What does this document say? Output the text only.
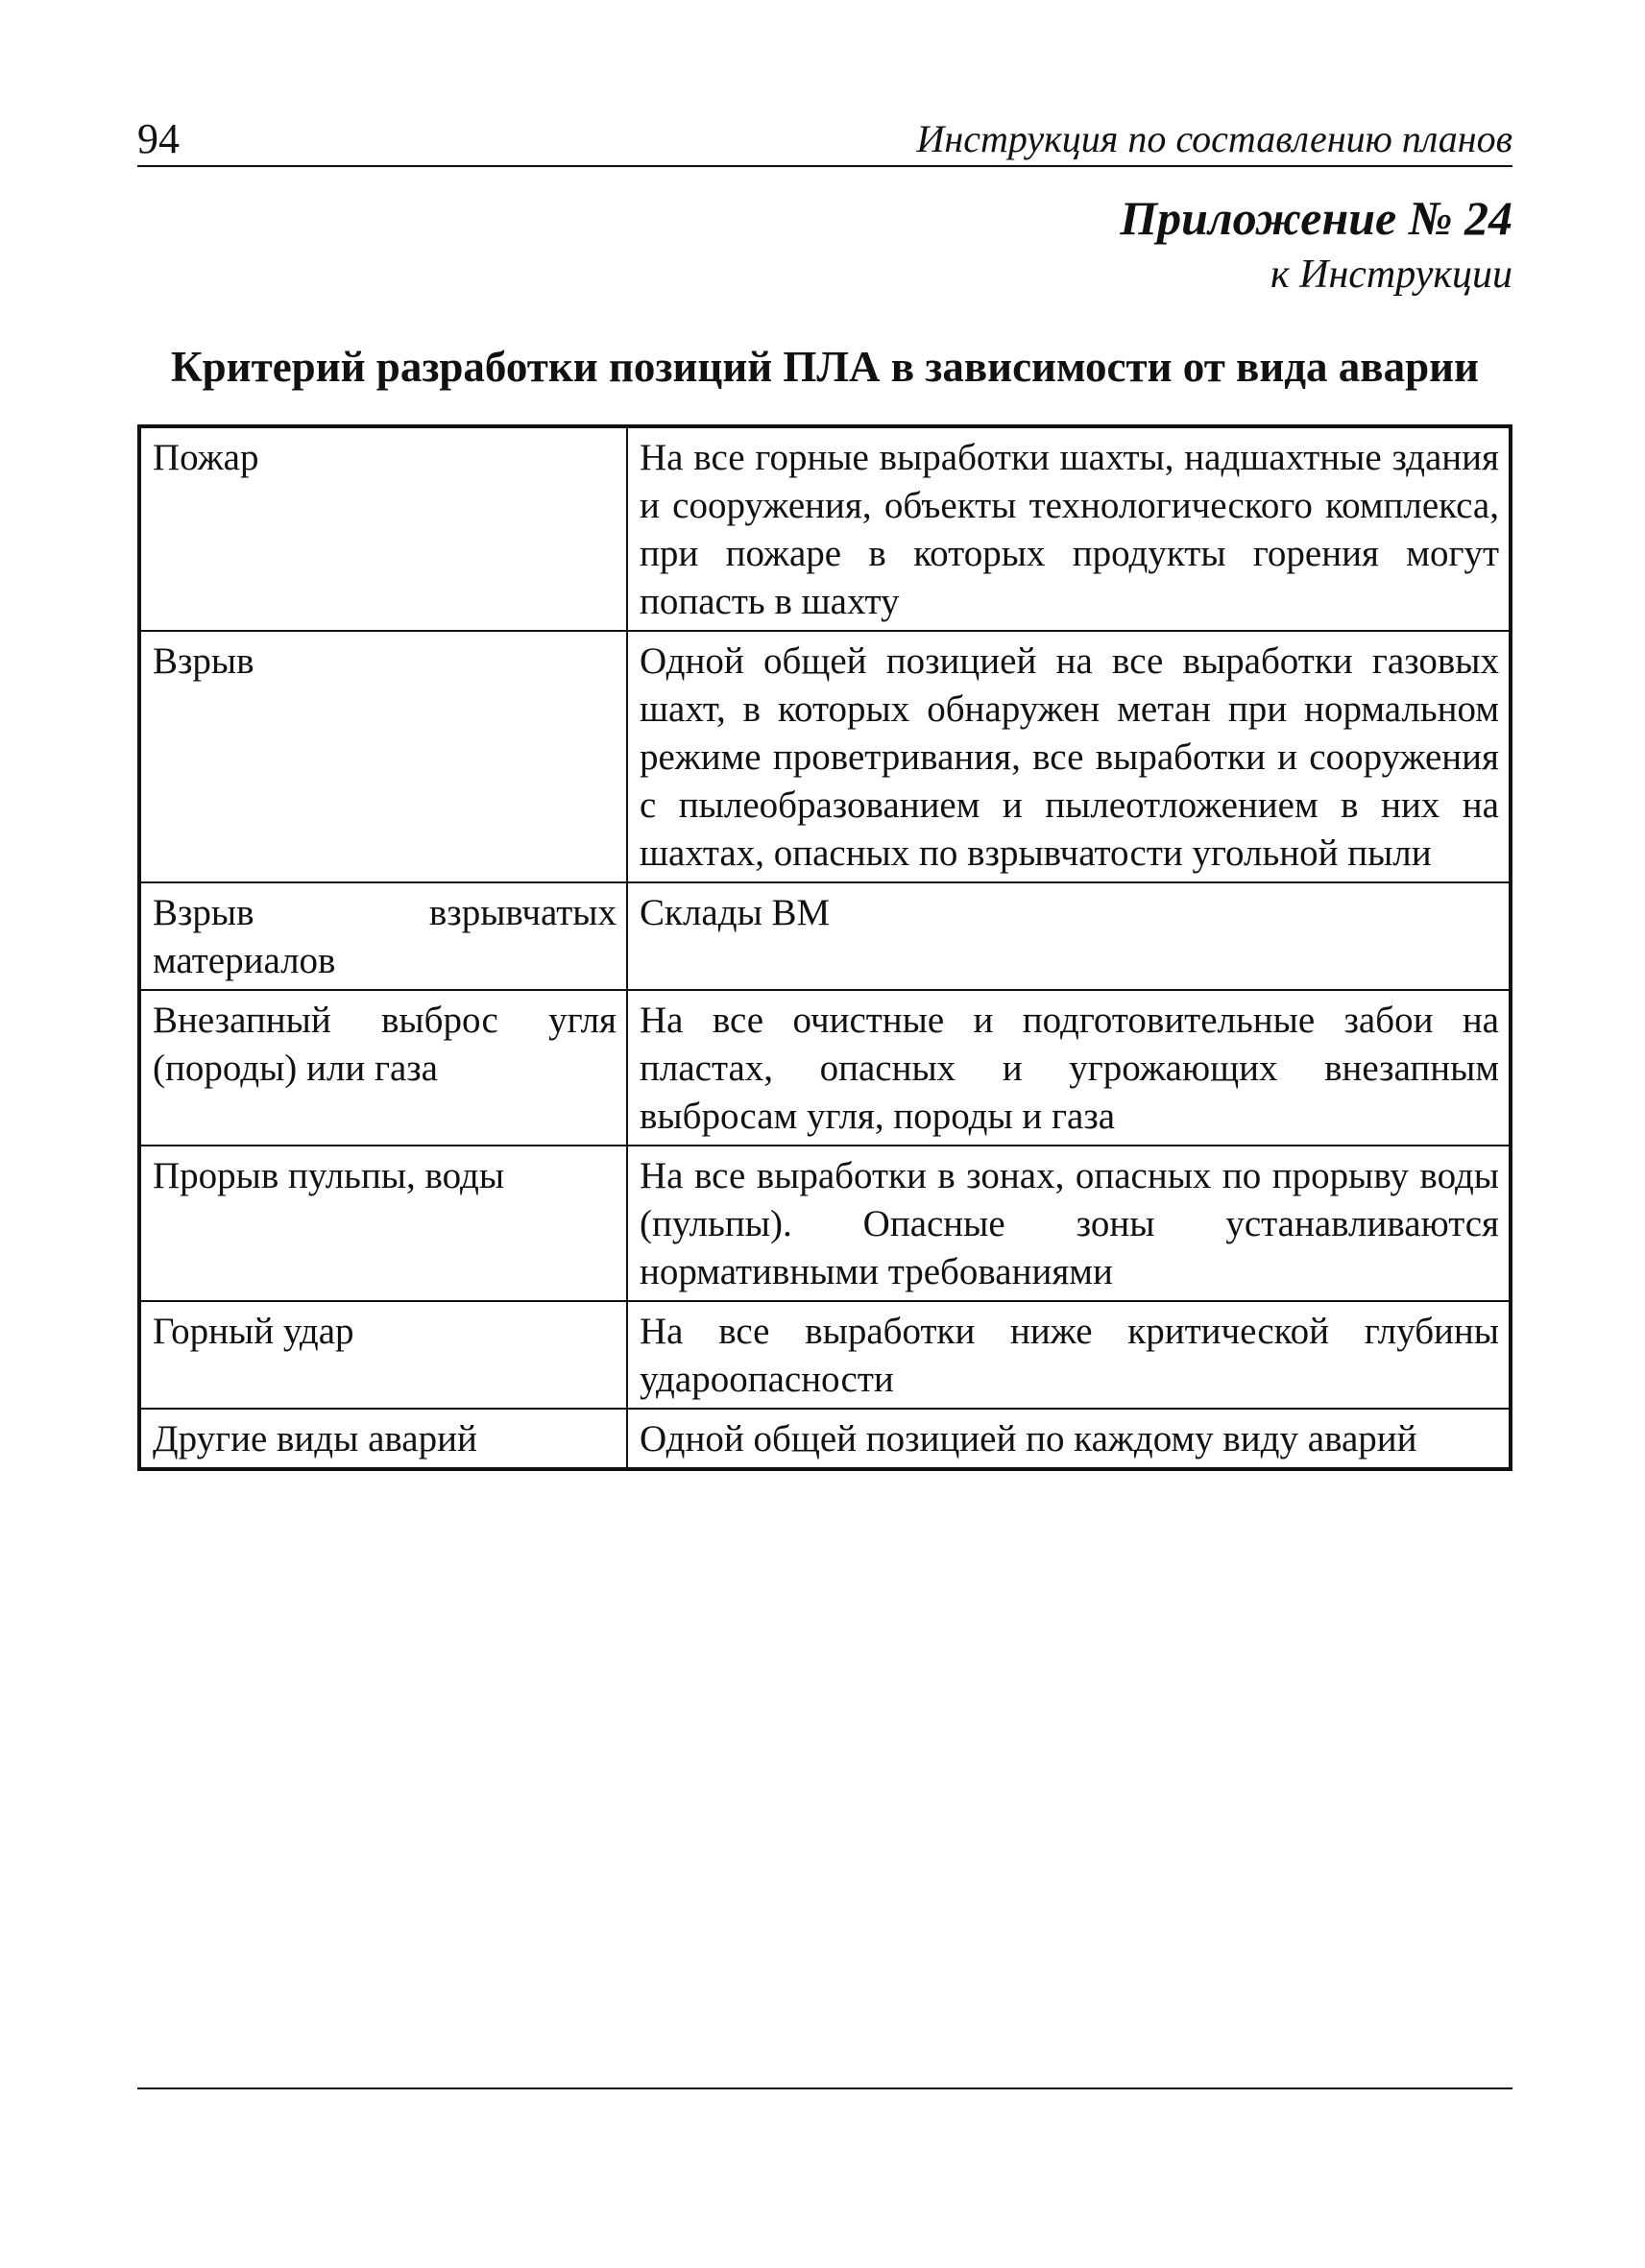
94	Инструкция по составлению планов
Приложение № 24
к Инструкции
Критерий разработки позиций ПЛА в зависимости от вида аварии
Пожар	На все горные выработки шахты, надшахтные здания и сооружения, объекты технологического комплекса, при пожаре в которых продукты горения могут попасть в шахту
Взрыв	Одной общей позицией на все выработки газовых шахт, в которых обнаружен метан при нормальном режиме проветривания, все выработки и сооружения с пылеобразованием и пылеотложением в них на шахтах, опасных по взрывчатости угольной пыли
Взрыв взрывчатых материалов	Склады ВМ
Внезапный выброс угля (породы) или газа	На все очистные и подготовительные забои на пластах, опасных и угрожающих внезапным выбросам угля, породы и газа
Прорыв пульпы, воды	На все выработки в зонах, опасных по прорыву воды (пульпы). Опасные зоны устанавливаются нормативными требованиями
Горный удар	На все выработки ниже критической глубины удароопасности
Другие виды аварий	Одной общей позицией по каждому виду аварий
